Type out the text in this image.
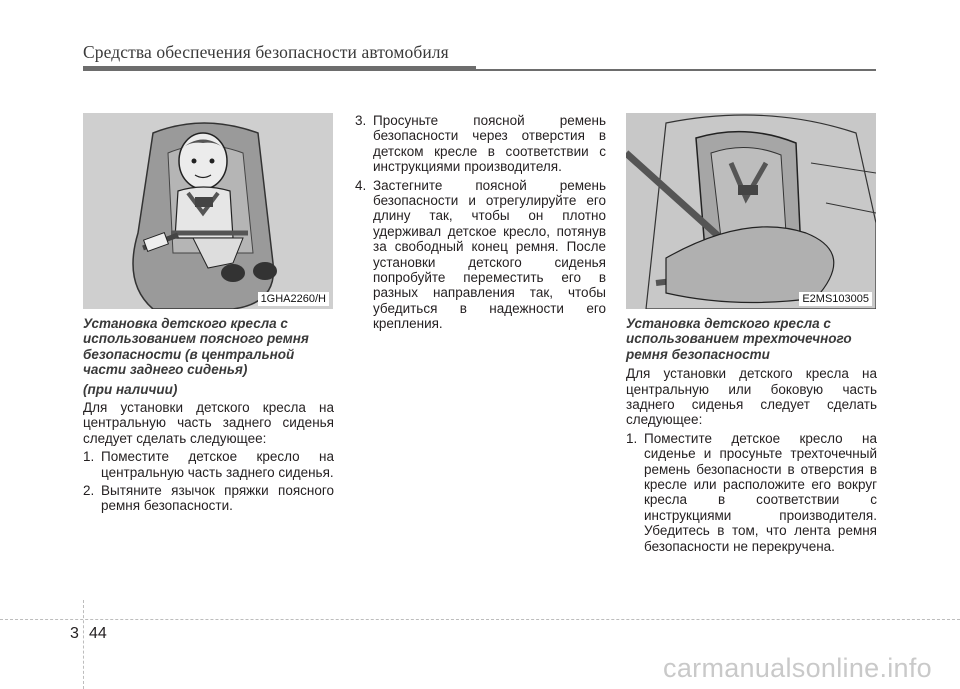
Средства обеспечения безопасности автомобиля
1GHA2260/H	E2MS103005

Установка детского кресла с использованием поясного ремня безопасности (в центральной части заднего сиденья)

(при наличии)

Для установки детского кресла на центральную часть заднего сиденья следует сделать следующее:

1. Поместите детское кресло на центральную часть заднего сиденья.
2. Вытяните язычок пряжки поясного ремня безопасности.
3. Просуньте поясной ремень безопасности через отверстия в детском кресле в соответствии с инструкциями производителя.
4. Застегните поясной ремень безопасности и отрегулируйте его длину так, чтобы он плотно удерживал детское кресло, потянув за свободный конец ремня. После установки детского сиденья попробуйте переместить его в разных направления так, чтобы убедиться в надежности его крепления.	Установка детского кресла с использованием трехточечного ремня безопасности

Для установки детского кресла на центральную или боковую часть заднего сиденья следует сделать следующее:

1. Поместите детское кресло на сиденье и просуньте трехточечный ремень безопасности в отверстия в кресле или расположите его вокруг кресла в соответствии с инструкциями производителя. Убедитесь в том, что лента ремня безопасности не перекручена.
3 44
carmanualsonline.info
